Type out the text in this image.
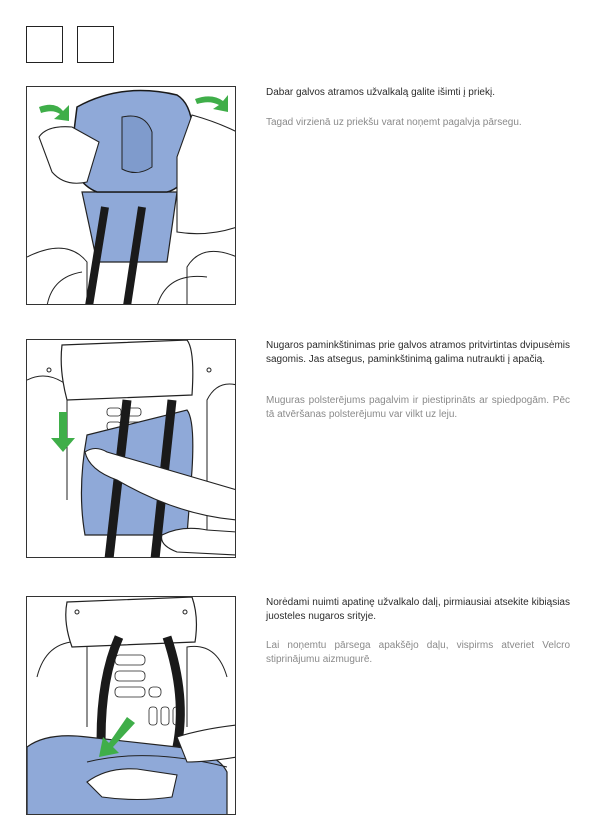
Dabar galvos atramos užvalkalą galite išimti į priekį.

Tagad virzienā uz priekšu varat noņemt pagalvja pārsegu.

Nugaros paminkštinimas prie galvos atramos pritvirtintas dvipusėmis sagomis. Jas atsegus, paminkštinimą galima nutraukti į apačią.

Muguras polsterējums pagalvim ir piestiprināts ar spiedpogām. Pēc tā atvēršanas polsterējumu var vilkt uz leju.

Norėdami nuimti apatinę užvalkalo dalį, pirmiausiai atsekite kibiąsias juosteles nugaros srityje.

Lai noņemtu pārsega apakšējo daļu, vispirms atveriet Velcro stiprinājumu aizmugurē.
